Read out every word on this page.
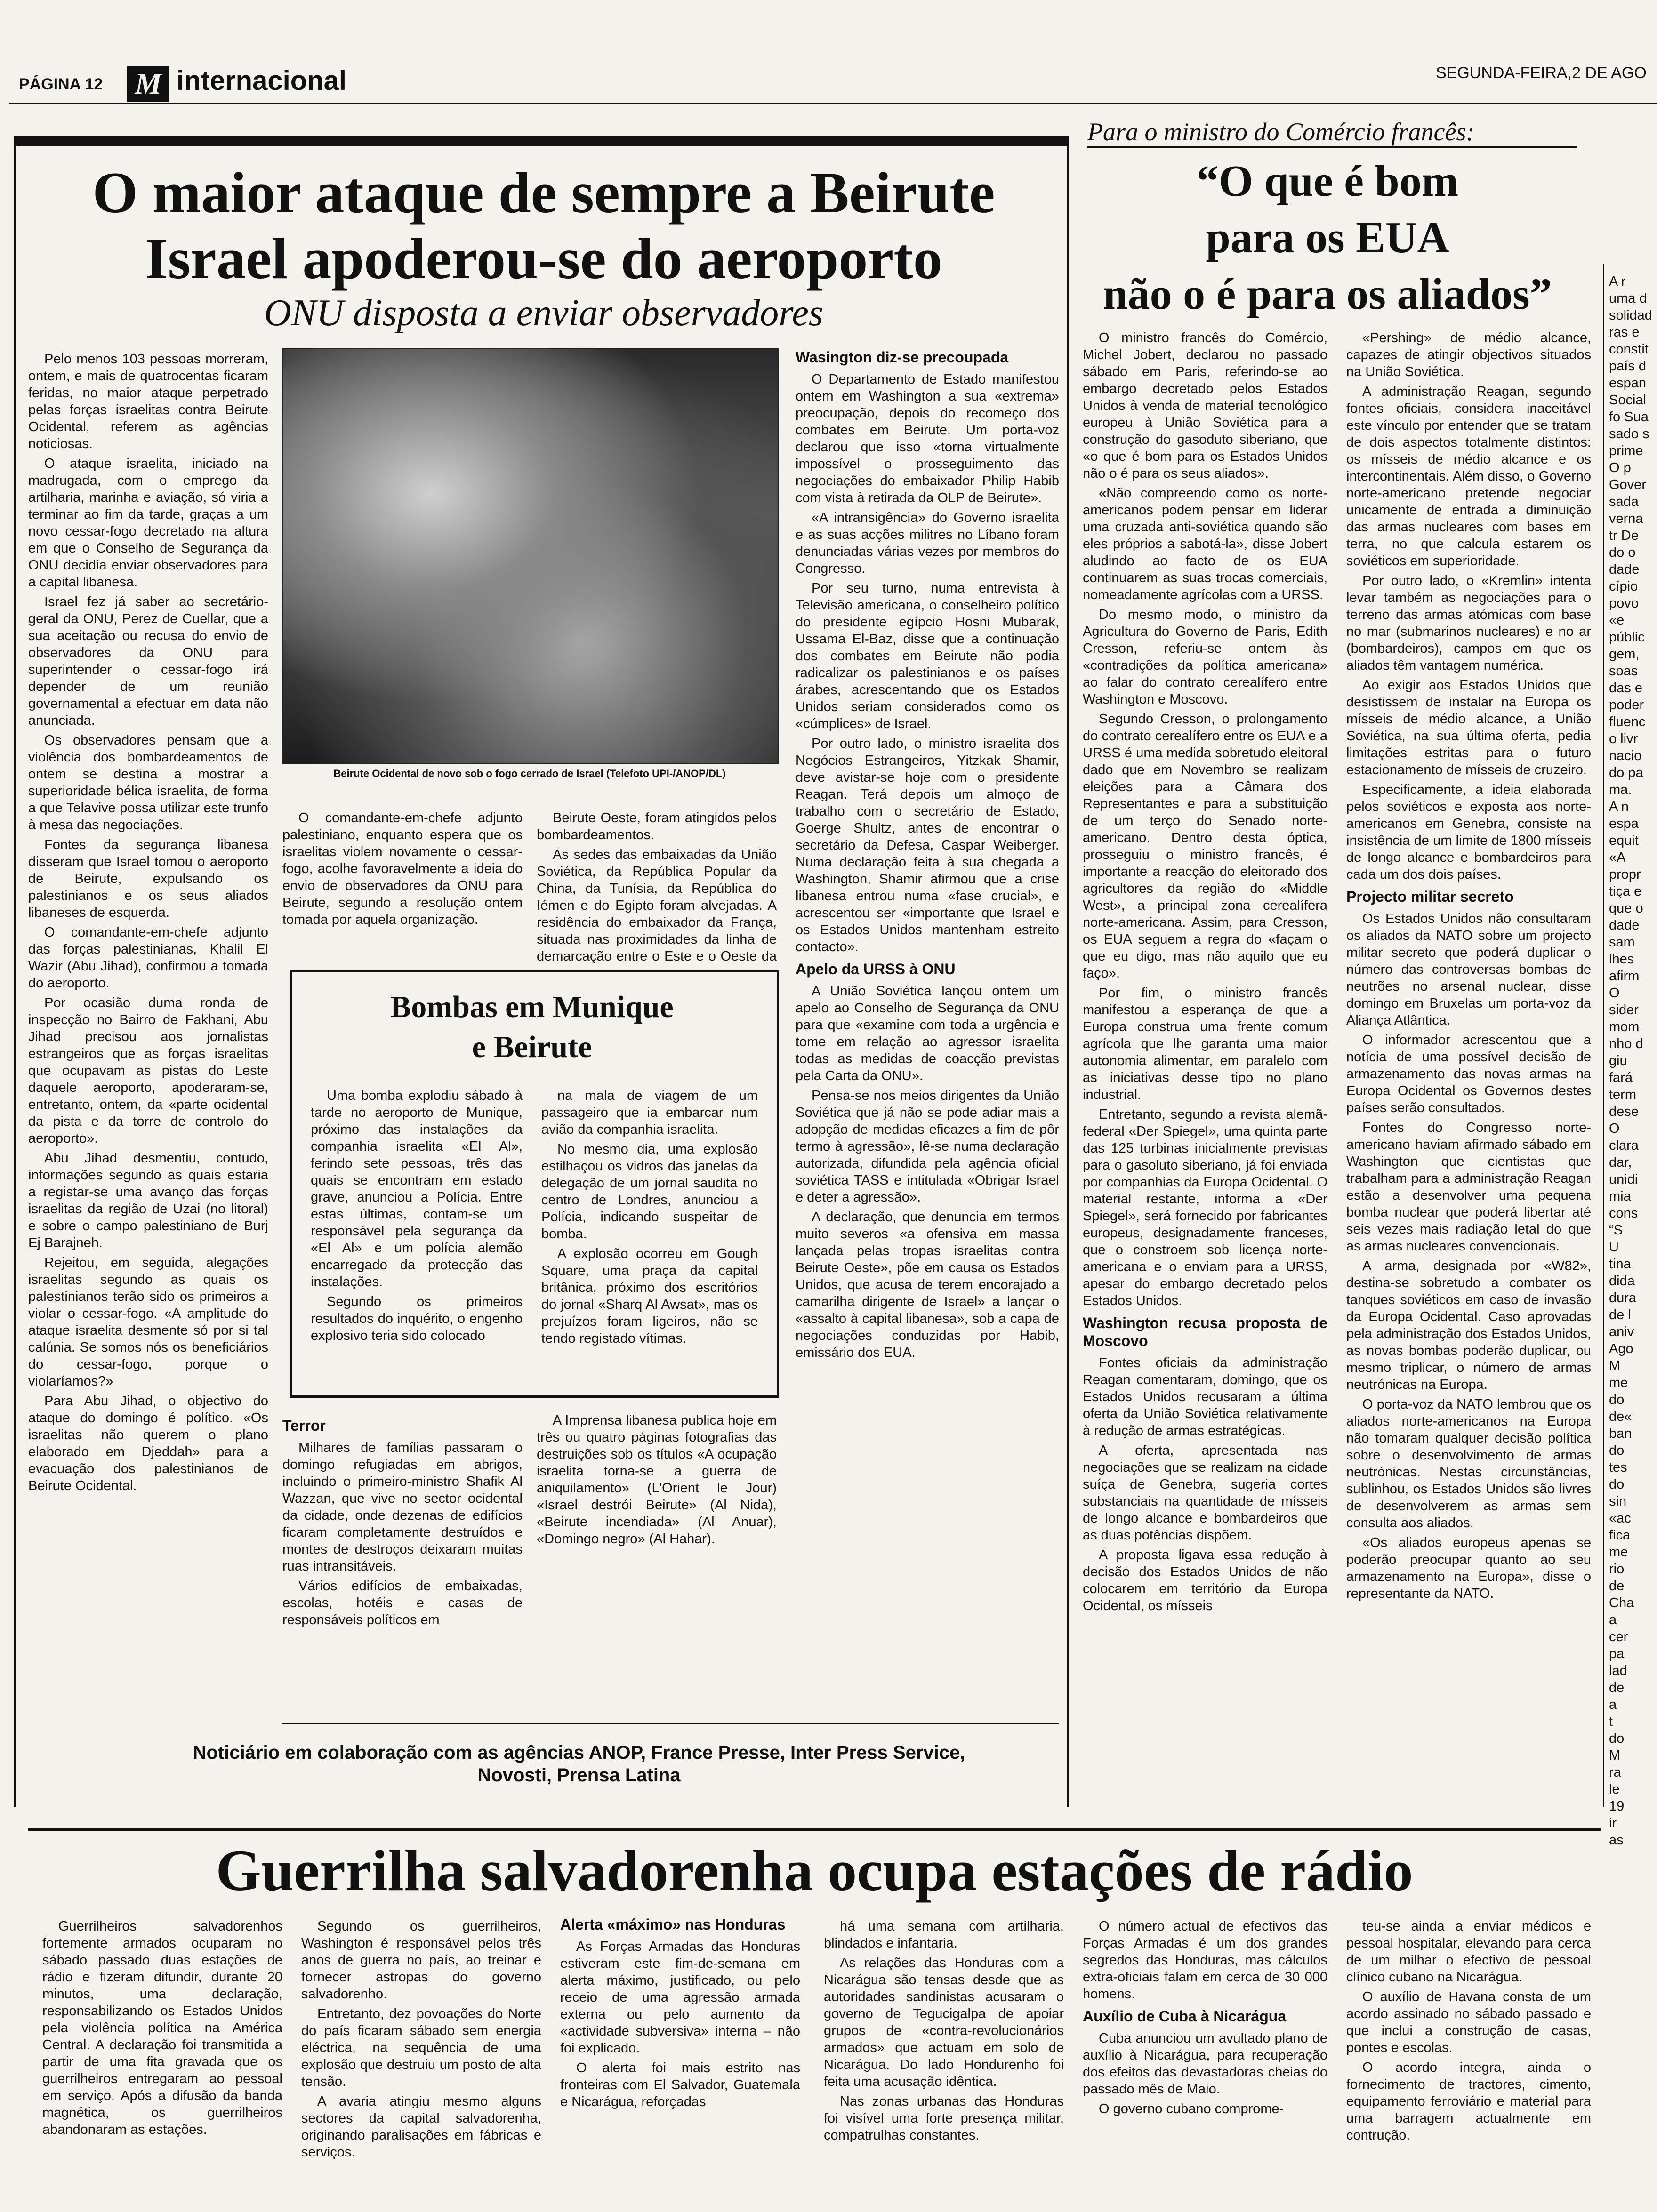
PÁGINA 12 M internacional	SEGUNDA-FEIRA,2 DE AGO
O maior ataque de sempre a Beirute
Israel apoderou-se do aeroporto
ONU disposta a enviar observadores

Pelo menos 103 pessoas morreram, ontem, e mais de quatrocentas ficaram feridas, no maior ataque perpetrado pelas forças israelitas contra Beirute Ocidental, referem as agências noticiosas.

O ataque israelita, iniciado na madrugada, com o emprego da artilharia, marinha e aviação, só viria a terminar ao fim da tarde, graças a um novo cessar-fogo decretado na altura em que o Conselho de Segurança da ONU decidia enviar observadores para a capital libanesa.

Israel fez já saber ao secretário-geral da ONU, Perez de Cuellar, que a sua aceitação ou recusa do envio de observadores da ONU para superintender o cessar-fogo irá depender de um reunião governamental a efectuar em data não anunciada.

Os observadores pensam que a violência dos bombardeamentos de ontem se destina a mostrar a superioridade bélica israelita, de forma a que Telavive possa utilizar este trunfo à mesa das negociações.

Fontes da segurança libanesa disseram que Israel tomou o aeroporto de Beirute, expulsando os palestinianos e os seus aliados libaneses de esquerda.

O comandante-em-chefe adjunto das forças palestinianas, Khalil El Wazir (Abu Jihad), confirmou a tomada do aeroporto.

Por ocasião duma ronda de inspecção no Bairro de Fakhani, Abu Jihad precisou aos jornalistas estrangeiros que as forças israelitas que ocupavam as pistas do Leste daquele aeroporto, apoderaram-se, entretanto, ontem, da «parte ocidental da pista e da torre de controlo do aeroporto».

Abu Jihad desmentiu, contudo, informações segundo as quais estaria a registar-se uma avanço das forças israelitas da região de Uzai (no litoral) e sobre o campo palestiniano de Burj Ej Barajneh.

Rejeitou, em seguida, alegações israelitas segundo as quais os palestinianos terão sido os primeiros a violar o cessar-fogo. «A amplitude do ataque israelita desmente só por si tal calúnia. Se somos nós os beneficiários do cessar-fogo, porque o violaríamos?»

Para Abu Jihad, o objectivo do ataque do domingo é político. «Os israelitas não querem o plano elaborado em Djeddah» para a evacuação dos palestinianos de Beirute Ocidental.

Beirute Ocidental de novo sob o fogo cerrado de Israel (Telefoto UPI-/ANOP/DL)

O comandante-em-chefe adjunto palestiniano, enquanto espera que os israelitas violem novamente o cessar-fogo, acolhe favoravelmente a ideia do envio de observadores da ONU para Beirute, segundo a resolução ontem tomada por aquela organização.

Beirute Oeste, foram atingidos pelos bombardeamentos.

As sedes das embaixadas da União Soviética, da República Popular da China, da Tunísia, da República do Iémen e do Egipto foram alvejadas. A residência do embaixador da França, situada nas proximidades da linha de demarcação entre o Este e o Oeste da

Wasington diz-se precoupada

O Departamento de Estado manifestou ontem em Washington a sua «extrema» preocupação, depois do recomeço dos combates em Beirute. Um porta-voz declarou que isso «torna virtualmente impossível o prosseguimento das negociações do embaixador Philip Habib com vista à retirada da OLP de Beirute».

«A intransigência» do Governo israelita e as suas acções militres no Líbano foram denunciadas várias vezes por membros do Congresso.

Por seu turno, numa entrevista à Televisão americana, o conselheiro político do presidente egípcio Hosni Mubarak, Ussama El-Baz, disse que a continuação dos combates em Beirute não podia radicalizar os palestinianos e os países árabes, acrescentando que os Estados Unidos seriam considerados como os «cúmplices» de Israel.

Por outro lado, o ministro israelita dos Negócios Estrangeiros, Yitzkak Shamir, deve avistar-se hoje com o presidente Reagan. Terá depois um almoço de trabalho com o secretário de Estado, Goerge Shultz, antes de encontrar o secretário da Defesa, Caspar Weiberger. Numa declaração feita à sua chegada a Washington, Shamir afirmou que a crise libanesa entrou numa «fase crucial», e acrescentou ser «importante que Israel e os Estados Unidos mantenham estreito contacto».

Apelo da URSS à ONU

A União Soviética lançou ontem um apelo ao Conselho de Segurança da ONU para que «examine com toda a urgência e tome em relação ao agressor israelita todas as medidas de coacção previstas pela Carta da ONU».

Pensa-se nos meios dirigentes da União Soviética que já não se pode adiar mais a adopção de medidas eficazes a fim de pôr termo à agressão», lê-se numa declaração autorizada, difundida pela agência oficial soviética TASS e intitulada «Obrigar Israel e deter a agressão».

A declaração, que denuncia em termos muito severos «a ofensiva em massa lançada pelas tropas israelitas contra Beirute Oeste», põe em causa os Estados Unidos, que acusa de terem encorajado a camarilha dirigente de Israel» a lançar o «assalto à capital libanesa», sob a capa de negociações conduzidas por Habib, emissário dos EUA.

Bombas em Munique
e Beirute

Uma bomba explodiu sábado à tarde no aeroporto de Munique, próximo das instalações da companhia israelita «El Al», ferindo sete pessoas, três das quais se encontram em estado grave, anunciou a Polícia. Entre estas últimas, contam-se um responsável pela segurança da «El Al» e um polícia alemão encarregado da protecção das instalações.

Segundo os primeiros resultados do inquérito, o engenho explosivo teria sido colocado

na mala de viagem de um passageiro que ia embarcar num avião da companhia israelita.

No mesmo dia, uma explosão estilhaçou os vidros das janelas da delegação de um jornal saudita no centro de Londres, anunciou a Polícia, indicando suspeitar de bomba.

A explosão ocorreu em Gough Square, uma praça da capital britânica, próximo dos escritórios do jornal «Sharq Al Awsat», mas os prejuízos foram ligeiros, não se tendo registado vítimas.

Terror

Milhares de famílias passaram o domingo refugiadas em abrigos, incluindo o primeiro-ministro Shafik Al Wazzan, que vive no sector ocidental da cidade, onde dezenas de edifícios ficaram completamente destruídos e montes de destroços deixaram muitas ruas intransitáveis.

Vários edifícios de embaixadas, escolas, hotéis e casas de responsáveis políticos em

A Imprensa libanesa publica hoje em três ou quatro páginas fotografias das destruições sob os títulos «A ocupação israelita torna-se a guerra de aniquilamento» (L'Orient le Jour) «Israel destrói Beirute» (Al Nida), «Beirute incendiada» (Al Anuar), «Domingo negro» (Al Hahar).

Noticiário em colaboração com as agências ANOP, France Presse, Inter Press Service, Novosti, Prensa Latina
Para o ministro do Comércio francês:
“O que é bom
para os EUA
não o é para os aliados”

O ministro francês do Comércio, Michel Jobert, declarou no passado sábado em Paris, referindo-se ao embargo decretado pelos Estados Unidos à venda de material tecnológico europeu à União Soviética para a construção do gasoduto siberiano, que «o que é bom para os Estados Unidos não o é para os seus aliados».

«Não compreendo como os norte-americanos podem pensar em liderar uma cruzada anti-soviética quando são eles próprios a sabotá-la», disse Jobert aludindo ao facto de os EUA continuarem as suas trocas comerciais, nomeadamente agrícolas com a URSS.

Do mesmo modo, o ministro da Agricultura do Governo de Paris, Edith Cresson, referiu-se ontem às «contradições da política americana» ao falar do contrato cerealífero entre Washington e Moscovo.

Segundo Cresson, o prolongamento do contrato cerealífero entre os EUA e a URSS é uma medida sobretudo eleitoral dado que em Novembro se realizam eleições para a Câmara dos Representantes e para a substituição de um terço do Senado norte-americano. Dentro desta óptica, prosseguiu o ministro francês, é importante a reacção do eleitorado dos agricultores da região do «Middle West», a principal zona cerealífera norte-americana. Assim, para Cresson, os EUA seguem a regra do «façam o que eu digo, mas não aquilo que eu faço».

Por fim, o ministro francês manifestou a esperança de que a Europa construa uma frente comum agrícola que lhe garanta uma maior autonomia alimentar, em paralelo com as iniciativas desse tipo no plano industrial.

Entretanto, segundo a revista alemã-federal «Der Spiegel», uma quinta parte das 125 turbinas inicialmente previstas para o gasoluto siberiano, já foi enviada por companhias da Europa Ocidental. O material restante, informa a «Der Spiegel», será fornecido por fabricantes europeus, designadamente franceses, que o constroem sob licença norte-americana e o enviam para a URSS, apesar do embargo decretado pelos Estados Unidos.

Washington recusa proposta de Moscovo

Fontes oficiais da administração Reagan comentaram, domingo, que os Estados Unidos recusaram a última oferta da União Soviética relativamente à redução de armas estratégicas.

A oferta, apresentada nas negociações que se realizam na cidade suíça de Genebra, sugeria cortes substanciais na quantidade de mísseis de longo alcance e bombardeiros que as duas potências dispõem.

A proposta ligava essa redução à decisão dos Estados Unidos de não colocarem em território da Europa Ocidental, os mísseis

«Pershing» de médio alcance, capazes de atingir objectivos situados na União Soviética.

A administração Reagan, segundo fontes oficiais, considera inaceitável este vínculo por entender que se tratam de dois aspectos totalmente distintos: os mísseis de médio alcance e os intercontinentais. Além disso, o Governo norte-americano pretende negociar unicamente de entrada a diminuição das armas nucleares com bases em terra, no que calcula estarem os soviéticos em superioridade.

Por outro lado, o «Kremlin» intenta levar também as negociações para o terreno das armas atómicas com base no mar (submarinos nucleares) e no ar (bombardeiros), campos em que os aliados têm vantagem numérica.

Ao exigir aos Estados Unidos que desistissem de instalar na Europa os mísseis de médio alcance, a União Soviética, na sua última oferta, pedia limitações estritas para o futuro estacionamento de mísseis de cruzeiro.

Especificamente, a ideia elaborada pelos soviéticos e exposta aos norte-americanos em Genebra, consiste na insistência de um limite de 1800 mísseis de longo alcance e bombardeiros para cada um dos dois países.

Projecto militar secreto

Os Estados Unidos não consultaram os aliados da NATO sobre um projecto militar secreto que poderá duplicar o número das controversas bombas de neutrões no arsenal nuclear, disse domingo em Bruxelas um porta-voz da Aliança Atlântica.

O informador acrescentou que a notícia de uma possível decisão de armazenamento das novas armas na Europa Ocidental os Governos destes países serão consultados.

Fontes do Congresso norte-americano haviam afirmado sábado em Washington que cientistas que trabalham para a administração Reagan estão a desenvolver uma pequena bomba nuclear que poderá libertar até seis vezes mais radiação letal do que as armas nucleares convencionais.

A arma, designada por «W82», destina-se sobretudo a combater os tanques soviéticos em caso de invasão da Europa Ocidental. Caso aprovadas pela administração dos Estados Unidos, as novas bombas poderão duplicar, ou mesmo triplicar, o número de armas neutrónicas na Europa.

O porta-voz da NATO lembrou que os aliados norte-americanos na Europa não tomaram qualquer decisão política sobre o desenvolvimento de armas neutrónicas. Nestas circunstâncias, sublinhou, os Estados Unidos são livres de desenvolverem as armas sem consulta aos aliados.

«Os aliados europeus apenas se poderão preocupar quanto ao seu armazenamento na Europa», disse o representante da NATO.

A r
uma d
solidad
ras e
constit
país d
espan
Social
fo Sua
sado s
prime
O p
Gover
sada
verna
tr De
do o
dade
cípio
povo
«e
públic
gem,
soas
das e
poder
fluenc
o livr
nacio
do pa
ma.
A n
espa
equit
«A
propr
tiça e
que o
dade
sam
lhes
afirm
O
sider
mom
nho d
giu
fará
term
dese
O
clara
dar,
unidi
mia
cons
“S
U
tina
dida
dura
de l
aniv
Ago
M
me
do
de«
ban
do
tes
do
sin
«ac
fica
me
rio
de
Cha
a
cer
pa
lad
de
a
t
do
M
ra
le
19
ir
as
Guerrilha salvadorenha ocupa estações de rádio

Guerrilheiros salvadorenhos fortemente armados ocuparam no sábado passado duas estações de rádio e fizeram difundir, durante 20 minutos, uma declaração, responsabilizando os Estados Unidos pela violência política na América Central. A declaração foi transmitida a partir de uma fita gravada que os guerrilheiros entregaram ao pessoal em serviço. Após a difusão da banda magnética, os guerrilheiros abandonaram as estações.

Segundo os guerrilheiros, Washington é responsável pelos três anos de guerra no país, ao treinar e fornecer astropas do governo salvadorenho.

Entretanto, dez povoações do Norte do país ficaram sábado sem energia eléctrica, na sequência de uma explosão que destruiu um posto de alta tensão.

A avaria atingiu mesmo alguns sectores da capital salvadorenha, originando paralisações em fábricas e serviços.

Alerta «máximo» nas Honduras

As Forças Armadas das Honduras estiveram este fim-de-semana em alerta máximo, justificado, ou pelo receio de uma agressão armada externa ou pelo aumento da «actividade subversiva» interna – não foi explicado.

O alerta foi mais estrito nas fronteiras com El Salvador, Guatemala e Nicarágua, reforçadas

há uma semana com artilharia, blindados e infantaria.

As relações das Honduras com a Nicarágua são tensas desde que as autoridades sandinistas acusaram o governo de Tegucigalpa de apoiar grupos de «contra-revolucionários armados» que actuam em solo de Nicarágua. Do lado Hondurenho foi feita uma acusação idêntica.

Nas zonas urbanas das Honduras foi visível uma forte presença militar, compatrulhas constantes.

O número actual de efectivos das Forças Armadas é um dos grandes segredos das Honduras, mas cálculos extra-oficiais falam em cerca de 30 000 homens.

Auxílio de Cuba à Nicarágua

Cuba anunciou um avultado plano de auxílio à Nicarágua, para recuperação dos efeitos das devastadoras cheias do passado mês de Maio.

O governo cubano comprome-

teu-se ainda a enviar médicos e pessoal hospitalar, elevando para cerca de um milhar o efectivo de pessoal clínico cubano na Nicarágua.

O auxílio de Havana consta de um acordo assinado no sábado passado e que inclui a construção de casas, pontes e escolas.

O acordo integra, ainda o fornecimento de tractores, cimento, equipamento ferroviário e material para uma barragem actualmente em contrução.
